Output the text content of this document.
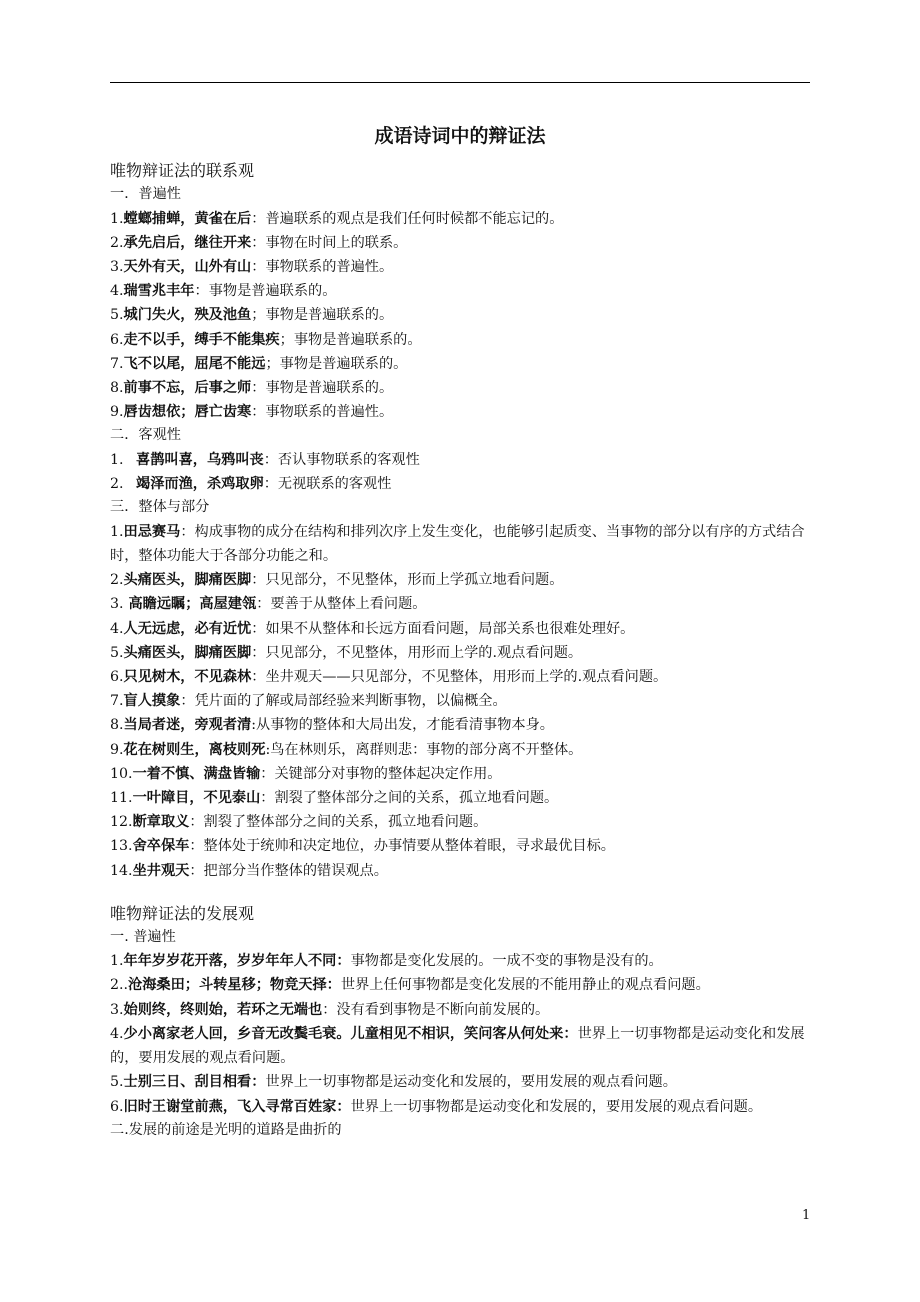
成语诗词中的辩证法
唯物辩证法的联系观
一．普遍性
1.螳螂捕蝉，黄雀在后：普遍联系的观点是我们任何时候都不能忘记的。
2.承先启后，继往开来：事物在时间上的联系。
3.天外有天，山外有山：事物联系的普遍性。
4.瑞雪兆丰年：事物是普遍联系的。
5.城门失火，殃及池鱼；事物是普遍联系的。
6.走不以手，缚手不能集疾；事物是普遍联系的。
7.飞不以尾，屈尾不能远；事物是普遍联系的。
8.前事不忘，后事之师：事物是普遍联系的。
9.唇齿想依；唇亡齿寒：事物联系的普遍性。
二．客观性
1. 喜鹊叫喜，乌鸦叫丧：否认事物联系的客观性
2. 竭泽而渔，杀鸡取卵：无视联系的客观性
三．整体与部分
1.田忌赛马：构成事物的成分在结构和排列次序上发生变化，也能够引起质变、当事物的部分以有序的方式结合时，整体功能大于各部分功能之和。
2.头痛医头，脚痛医脚：只见部分，不见整体，形而上学孤立地看问题。
3. 高瞻远瞩；高屋建瓴：要善于从整体上看问题。
4.人无远虑，必有近忧：如果不从整体和长远方面看问题，局部关系也很难处理好。
5.头痛医头，脚痛医脚：只见部分，不见整体，用形而上学的.观点看问题。
6.只见树木，不见森林：坐井观天——只见部分，不见整体，用形而上学的.观点看问题。
7.盲人摸象：凭片面的了解或局部经验来判断事物，以偏概全。
8.当局者迷，旁观者清:从事物的整体和大局出发，才能看清事物本身。
9.花在树则生，离枝则死:鸟在林则乐，离群则悲：事物的部分离不开整体。
10.一着不慎、满盘皆输：关键部分对事物的整体起决定作用。
11.一叶障目，不见泰山：割裂了整体部分之间的关系，孤立地看问题。
12.断章取义：割裂了整体部分之间的关系，孤立地看问题。
13.舍卒保车：整体处于统帅和决定地位，办事情要从整体着眼，寻求最优目标。
14.坐井观天：把部分当作整体的错误观点。
唯物辩证法的发展观
一. 普遍性
1.年年岁岁花开落，岁岁年年人不同：事物都是变化发展的。一成不变的事物是没有的。
2..沧海桑田；斗转星移；物竞天择：世界上任何事物都是变化发展的不能用静止的观点看问题。
3.始则终，终则始，若环之无端也：没有看到事物是不断向前发展的。
4.少小离家老人回，乡音无改鬓毛衰。儿童相见不相识，笑问客从何处来：世界上一切事物都是运动变化和发展的，要用发展的观点看问题。
5.士别三日、刮目相看：世界上一切事物都是运动变化和发展的，要用发展的观点看问题。
6.旧时王谢堂前燕，飞入寻常百姓家：世界上一切事物都是运动变化和发展的，要用发展的观点看问题。
二.发展的前途是光明的道路是曲折的
1
